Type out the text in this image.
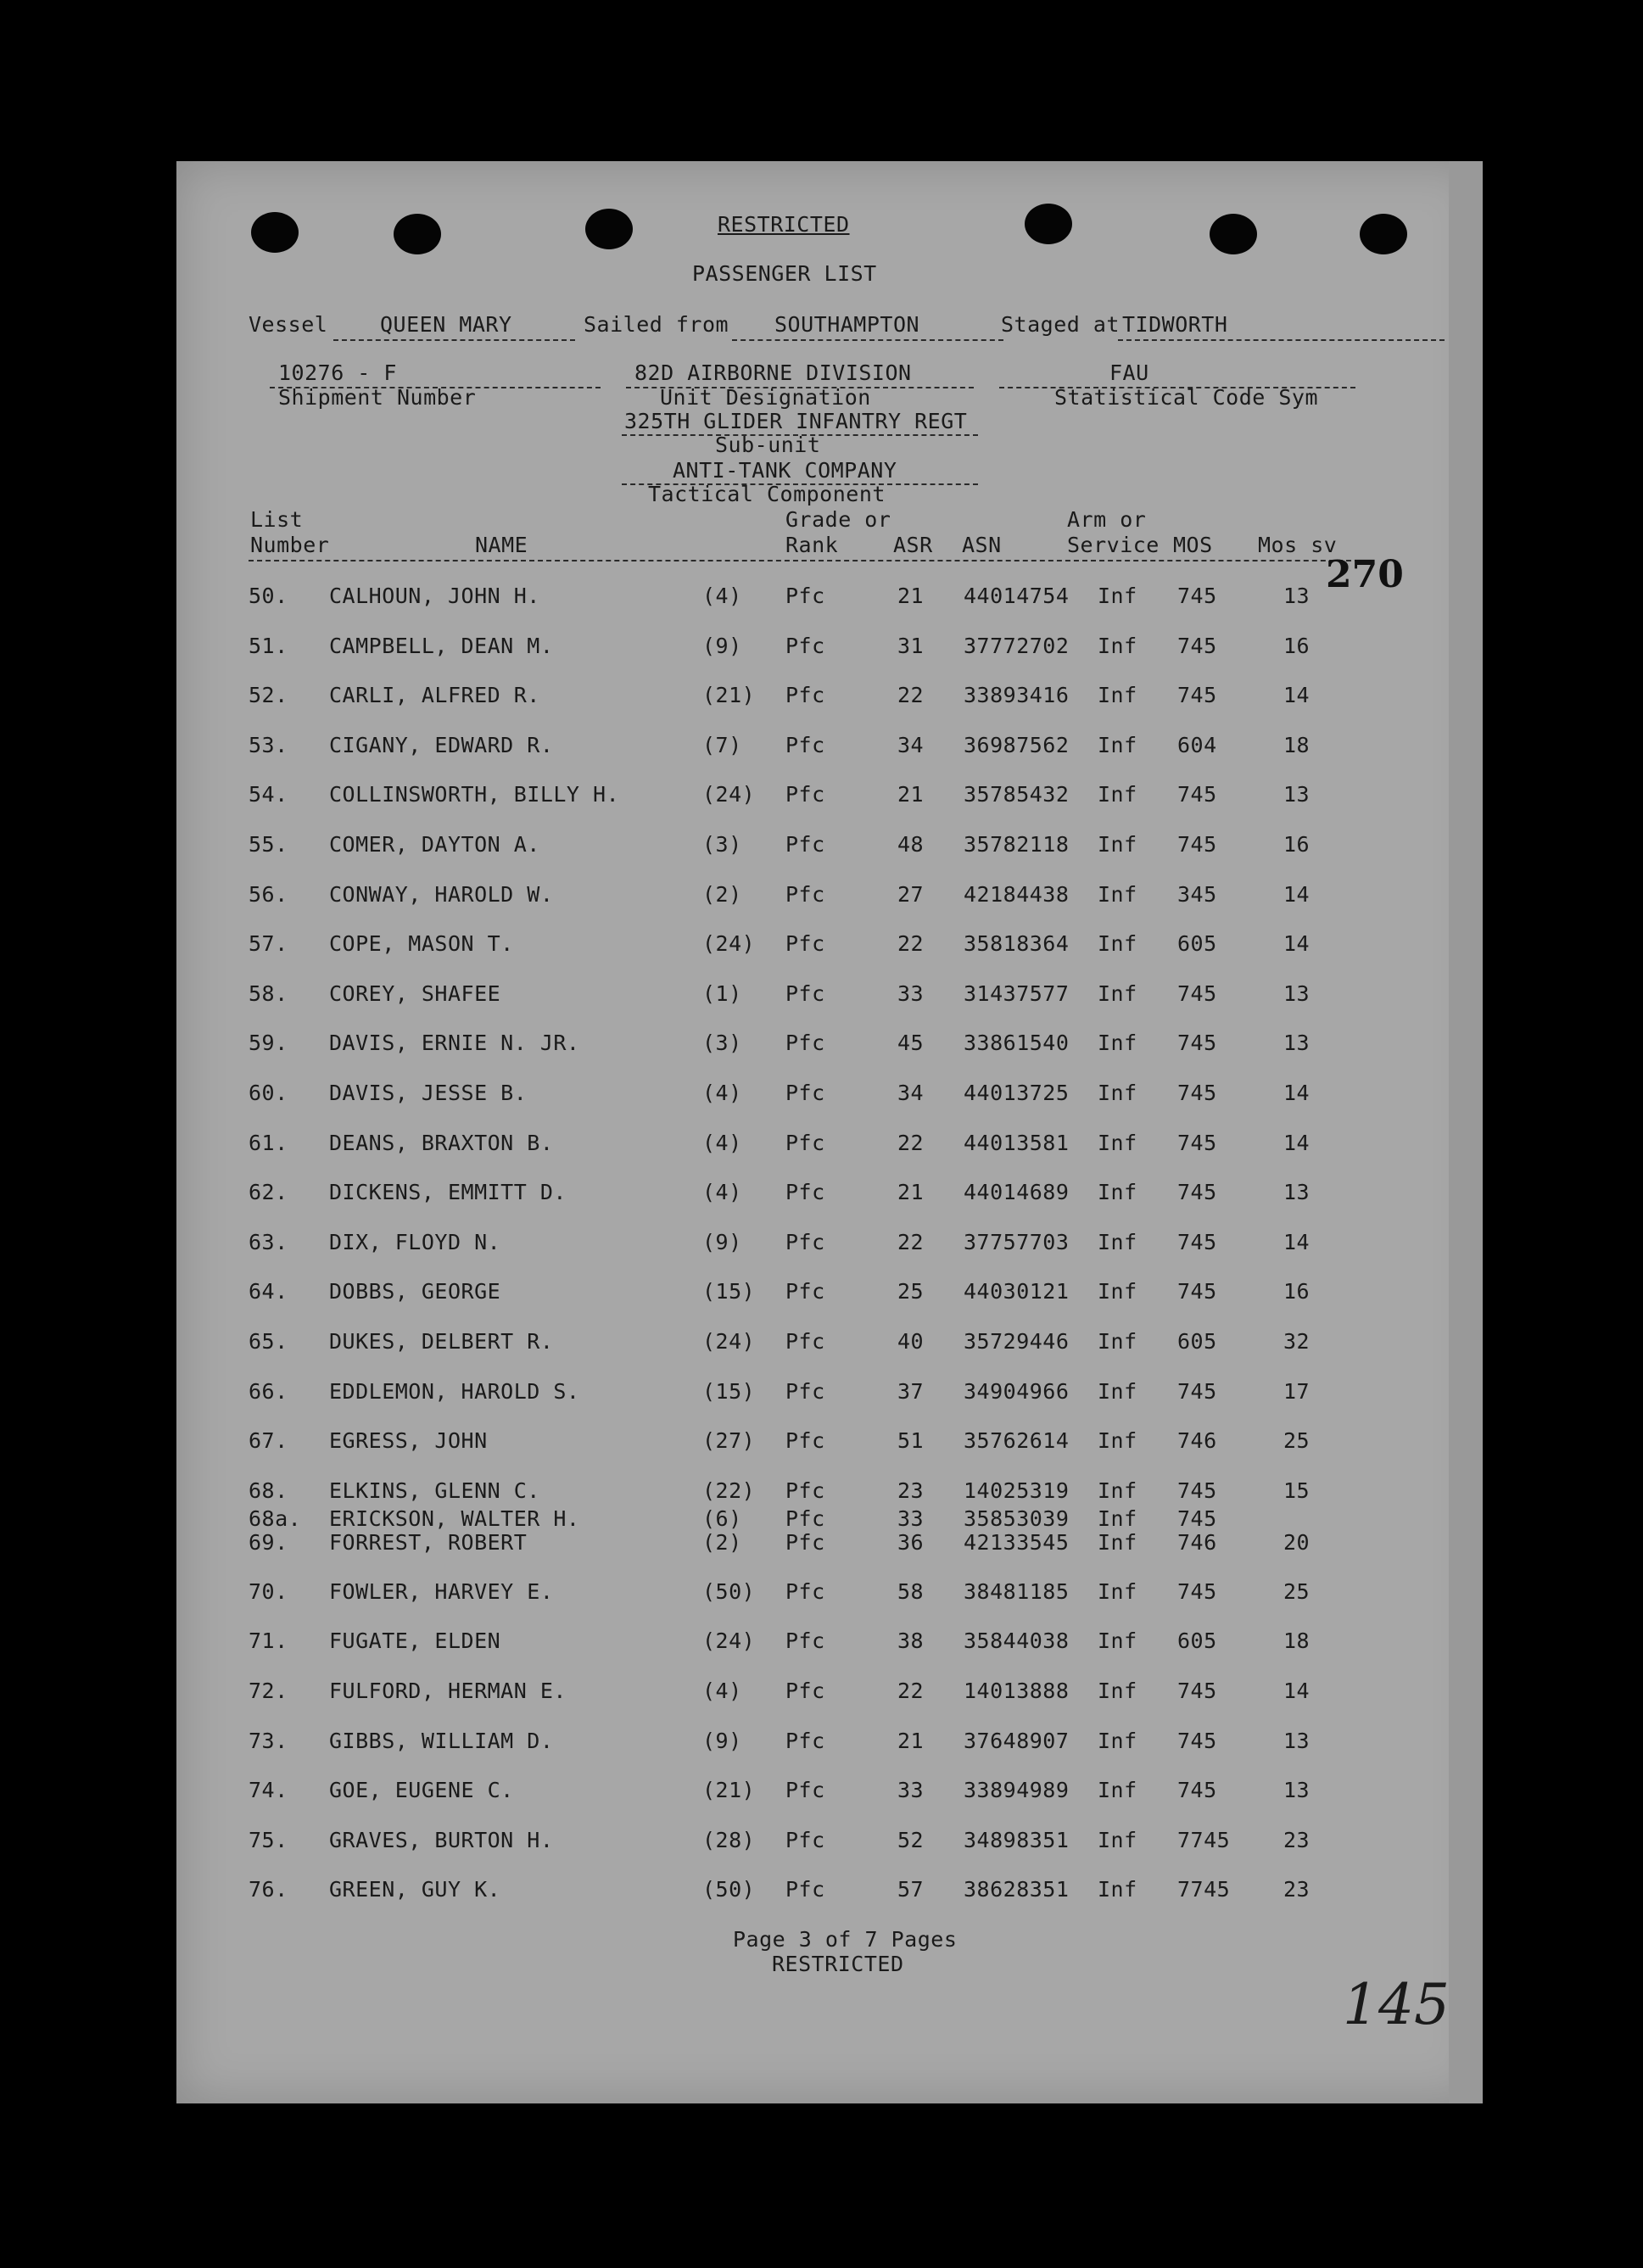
RESTRICTED
PASSENGER LIST
Vessel QUEEN MARY	Sailed from SOUTHAMPTON	Staged at TIDWORTH
10276 - F
Shipment Number
82D AIRBORNE DIVISION
Unit Designation
325TH GLIDER INFANTRY REGT
Sub-unit
ANTI-TANK COMPANY
Tactical Component
FAU
Statistical Code Sym
List
Number	NAME
Grade or
Rank	ASR ASN
Arm or
Service MOS Mos sv
270
50. CALHOUN, JOHN H.	(4) Pfc	21 44014754 Inf 745	13
51. CAMPBELL, DEAN M.	(9) Pfc	31 37772702 Inf 745	16
52. CARLI, ALFRED R.	(21) Pfc	22 33893416 Inf 745	14
53. CIGANY, EDWARD R.	(7) Pfc	34 36987562 Inf 604	18
54. COLLINSWORTH, BILLY H.	(24) Pfc	21 35785432 Inf 745	13
55. COMER, DAYTON A.	(3) Pfc	48 35782118 Inf 745	16
56. CONWAY, HAROLD W.	(2) Pfc	27 42184438 Inf 345	14
57. COPE, MASON T.	(24) Pfc	22 35818364 Inf 605	14
58. COREY, SHAFEE	(1) Pfc	33 31437577 Inf 745	13
59. DAVIS, ERNIE N. JR.	(3) Pfc	45 33861540 Inf 745	13
60. DAVIS, JESSE B.	(4) Pfc	34 44013725 Inf 745	14
61. DEANS, BRAXTON B.	(4) Pfc	22 44013581 Inf 745	14
62. DICKENS, EMMITT D.	(4) Pfc	21 44014689 Inf 745	13
63. DIX, FLOYD N.	(9) Pfc	22 37757703 Inf 745	14
64. DOBBS, GEORGE	(15) Pfc	25 44030121 Inf 745	16
65. DUKES, DELBERT R.	(24) Pfc	40 35729446 Inf 605	32
66. EDDLEMON, HAROLD S.	(15) Pfc	37 34904966 Inf 745	17
67. EGRESS, JOHN	(27) Pfc	51 35762614 Inf 746	25
68. ELKINS, GLENN C.	(22) Pfc	23 14025319 Inf 745	15
68a. ERICKSON, WALTER H.	(6) Pfc	33 35853039 Inf 745
69. FORREST, ROBERT	(2) Pfc	36 42133545 Inf 746	20
70. FOWLER, HARVEY E.	(50) Pfc	58 38481185 Inf 745	25
71. FUGATE, ELDEN	(24) Pfc	38 35844038 Inf 605	18
72. FULFORD, HERMAN E.	(4) Pfc	22 14013888 Inf 745	14
73. GIBBS, WILLIAM D.	(9) Pfc	21 37648907 Inf 745	13
74. GOE, EUGENE C.	(21) Pfc	33 33894989 Inf 745	13
75. GRAVES, BURTON H.	(28) Pfc	52 34898351 Inf 7745	23
76. GREEN, GUY K.	(50) Pfc	57 38628351 Inf 7745	23
Page 3 of 7 Pages
RESTRICTED
145
